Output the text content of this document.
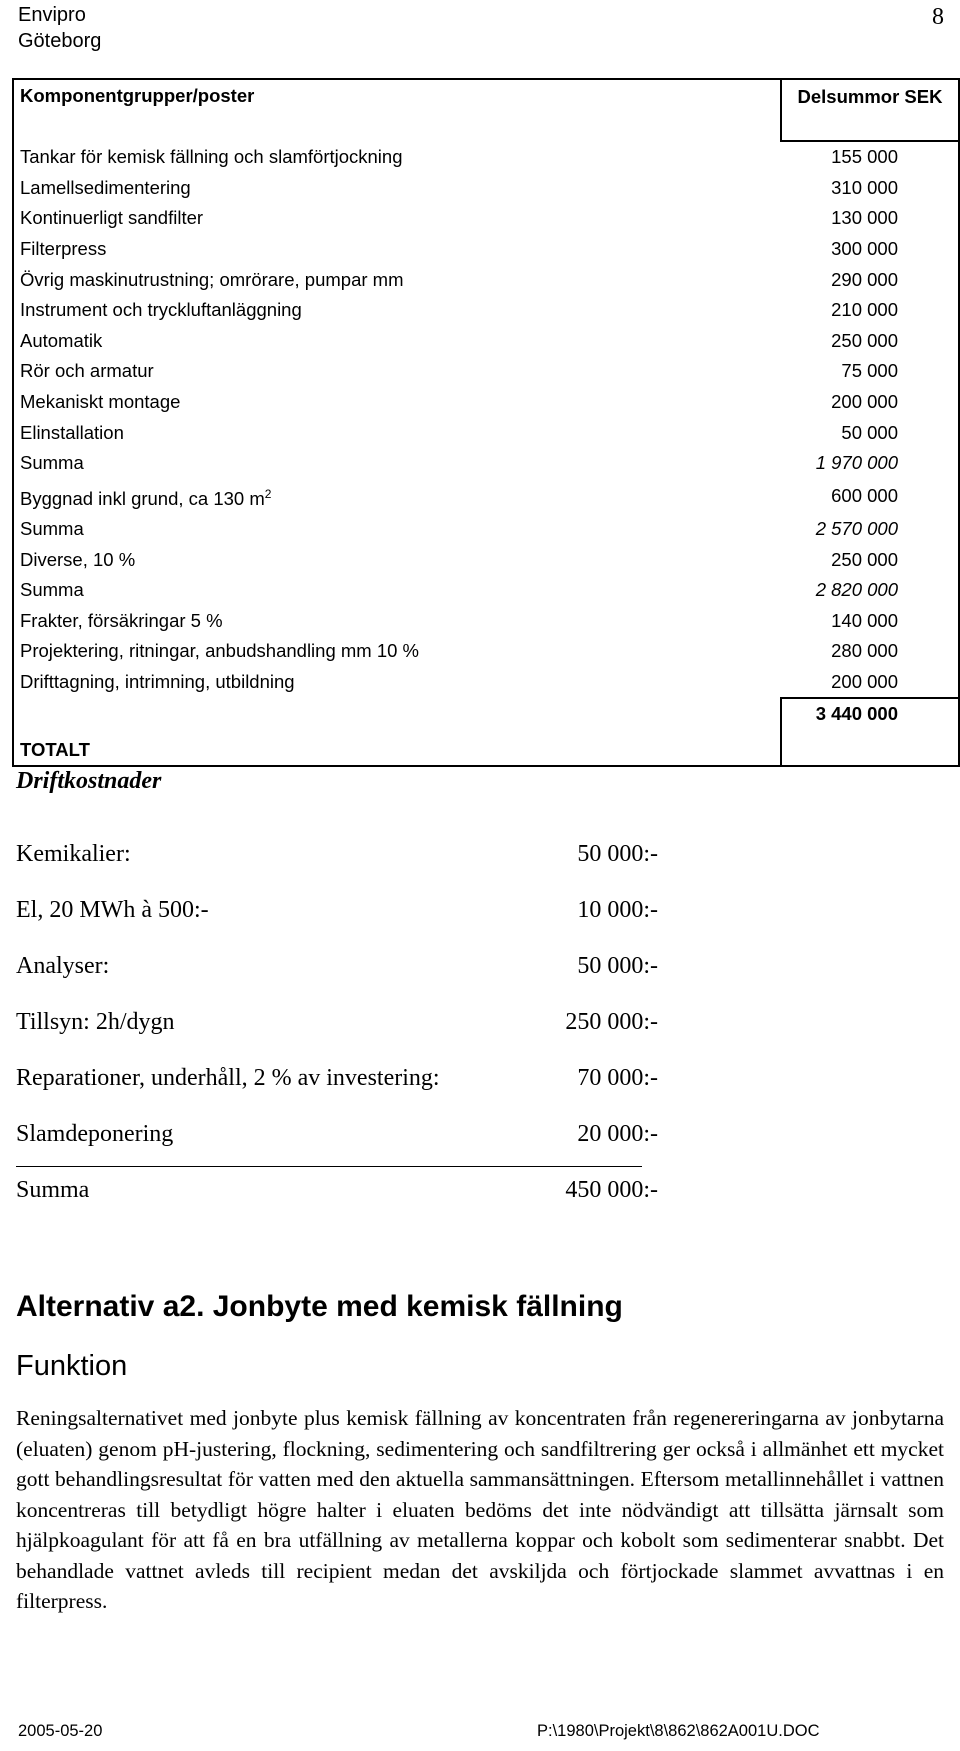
Envipro
Göteborg
8
Komponentgrupper/poster	Delsummor SEK
Tankar för kemisk fällning och slamförtjockning	155 000
Lamellsedimentering	310 000
Kontinuerligt sandfilter	130 000
Filterpress	300 000
Övrig maskinutrustning; omrörare, pumpar mm	290 000
Instrument och tryckluftanläggning	210 000
Automatik	250 000
Rör och armatur	75 000
Mekaniskt montage	200 000
Elinstallation	50 000
Summa	1 970 000
Byggnad inkl grund, ca 130 $m^2$	600 000
Summa	2 570 000
Diverse, 10 %	250 000
Summa	2 820 000
Frakter, försäkringar 5 %	140 000
Projektering, ritningar, anbudshandling mm 10 %	280 000
Drifttagning, intrimning, utbildning	200 000
TOTALT	3 440 000
Driftkostnader
Kemikalier:	50 000:-
El, 20 MWh à 500:-	10 000:-
Analyser:	50 000:-
Tillsyn: 2h/dygn	250 000:-
Reparationer, underhåll, 2 % av investering:	70 000:-
Slamdeponering	20 000:-
Summa	450 000:-
Alternativ a2. Jonbyte med kemisk fällning
Funktion
Reningsalternativet med jonbyte plus kemisk fällning av koncentraten från regenereringarna av jonbytarna (eluaten) genom pH-justering, flockning, sedimentering och sandfiltrering ger också i allmänhet ett mycket gott behandlingsresultat för vatten med den aktuella sammansättningen. Eftersom metallinnehållet i vattnen koncentreras till betydligt högre halter i eluaten bedöms det inte nödvändigt att tillsätta järnsalt som hjälpkoagulant för att få en bra utfällning av metallerna koppar och kobolt som sedimenterar snabbt. Det behandlade vattnet avleds till recipient medan det avskiljda och förtjockade slammet avvattnas i en filterpress.
2005-05-20	P:\1980\Projekt\8\862\862A001U.DOC
